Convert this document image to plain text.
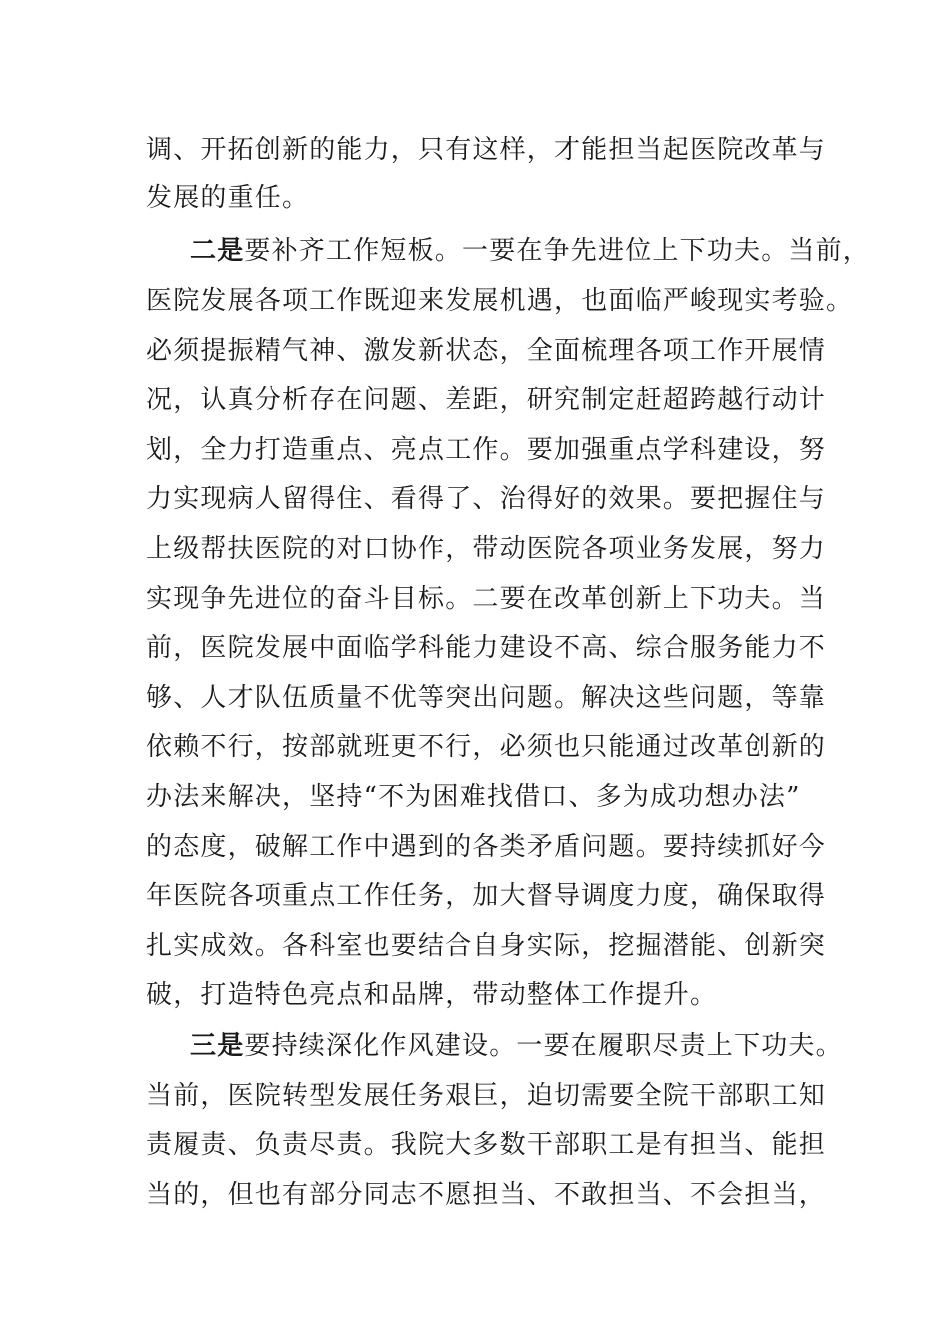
调、开拓创新的能力，只有这样，才能担当起医院改革与
发展的重任。
二是要补齐工作短板。一要在争先进位上下功夫。当前，
医院发展各项工作既迎来发展机遇，也面临严峻现实考验。
必须提振精气神、激发新状态，全面梳理各项工作开展情
况，认真分析存在问题、差距，研究制定赶超跨越行动计
划，全力打造重点、亮点工作。要加强重点学科建设，努
力实现病人留得住、看得了、治得好的效果。要把握住与
上级帮扶医院的对口协作，带动医院各项业务发展，努力
实现争先进位的奋斗目标。二要在改革创新上下功夫。当
前，医院发展中面临学科能力建设不高、综合服务能力不
够、人才队伍质量不优等突出问题。解决这些问题，等靠
依赖不行，按部就班更不行，必须也只能通过改革创新的
办法来解决，坚持“不为困难找借口、多为成功想办法”
的态度，破解工作中遇到的各类矛盾问题。要持续抓好今
年医院各项重点工作任务，加大督导调度力度，确保取得
扎实成效。各科室也要结合自身实际，挖掘潜能、创新突
破，打造特色亮点和品牌，带动整体工作提升。
三是要持续深化作风建设。一要在履职尽责上下功夫。
当前，医院转型发展任务艰巨，迫切需要全院干部职工知
责履责、负责尽责。我院大多数干部职工是有担当、能担
当的，但也有部分同志不愿担当、不敢担当、不会担当，
